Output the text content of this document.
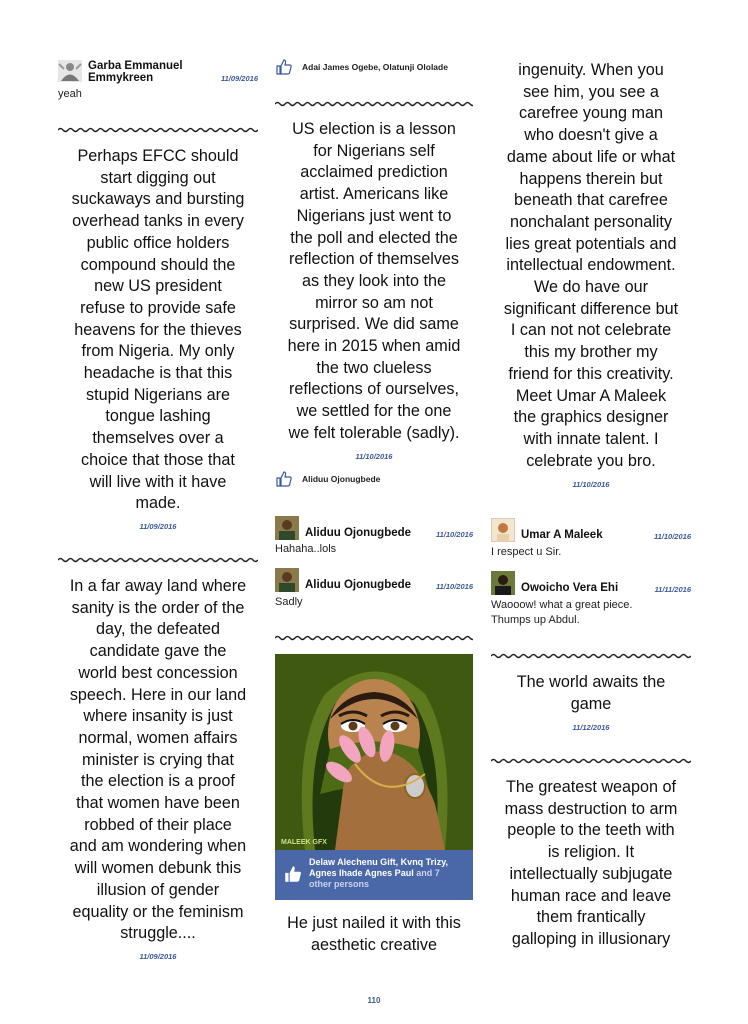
Garba Emmanuel
Emmykreen	11/09/2016
yeah
Perhaps EFCC should
start digging out
suckaways and bursting
overhead tanks in every
public office holders
compound should the
new US president
refuse to provide safe
heavens for the thieves
from Nigeria. My only
headache is that this
stupid Nigerians are
tongue lashing
themselves over a
choice that those that
will live with it have
made.
11/09/2016
In a far away land where
sanity is the order of the
day, the defeated
candidate gave the
world best concession
speech. Here in our land
where insanity is just
normal, women affairs
minister is crying that
the election is a proof
that women have been
robbed of their place
and am wondering when
will women debunk this
illusion of gender
equality or the feminism
struggle....
11/09/2016
Adai James Ogebe, Olatunji Ololade
US election is a lesson
for Nigerians self
acclaimed prediction
artist. Americans like
Nigerians just went to
the poll and elected the
reflection of themselves
as they look into the
mirror so am not
surprised. We did same
here in 2015 when amid
the two clueless
reflections of ourselves,
we settled for the one
we felt tolerable (sadly).
11/10/2016
Aliduu Ojonugbede
Aliduu Ojonugbede	11/10/2016
Hahaha..lols
Aliduu Ojonugbede	11/10/2016
Sadly
MALEEK GFX
Delaw Alechenu Gift, Kvnq Trizy,
Agnes Ihade Agnes Paul and 7
other persons
He just nailed it with this
aesthetic creative
ingenuity. When you
see him, you see a
carefree young man
who doesn't give a
dame about life or what
happens therein but
beneath that carefree
nonchalant personality
lies great potentials and
intellectual endowment.
We do have our
significant difference but
I can not not celebrate
this my brother my
friend for this creativity.
Meet Umar A Maleek
the graphics designer
with innate talent. I
celebrate you bro.
11/10/2016
Umar A Maleek	11/10/2016
I respect u Sir.
Owoicho Vera Ehi	11/11/2016
Waooow! what a great piece.
Thumps up Abdul.
The world awaits the
game
11/12/2016
The greatest weapon of
mass destruction to arm
people to the teeth with
is religion. It
intellectually subjugate
human race and leave
them frantically
galloping in illusionary
110
